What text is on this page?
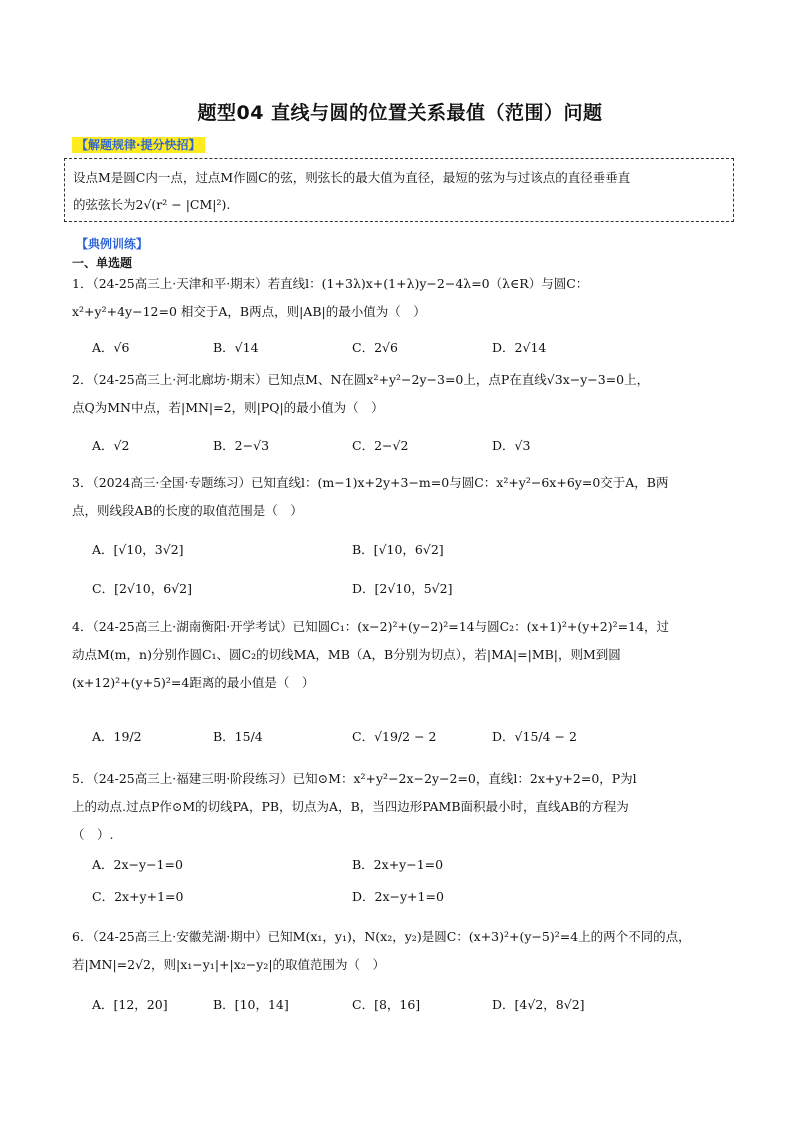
题型04 直线与圆的位置关系最值（范围）问题
【解题规律·提分快招】
设点M是圆C内一点，过点M作圆C的弦，则弦长的最大值为直径，最短的弦为与过该点的直径垂垂直
的弦弦长为2√(r² − |CM|²).
【典例训练】
一、单选题
1．（24-25高三上·天津和平·期末）若直线l：(1+3λ)x+(1+λ)y−2−4λ=0（λ∈R）与圆C：
x²+y²+4y−12=0 相交于A，B两点，则|AB|的最小值为（　）
A．√6	B．√14	C．2√6	D．2√14
2．（24-25高三上·河北廊坊·期末）已知点M、N在圆x²+y²−2y−3=0上，点P在直线√3x−y−3=0上，
点Q为MN中点，若|MN|=2，则|PQ|的最小值为（　）
A．√2	B．2−√3	C．2−√2	D．√3
3．（2024高三·全国·专题练习）已知直线l：(m−1)x+2y+3−m=0与圆C：x²+y²−6x+6y=0交于A，B两
点，则线段AB的长度的取值范围是（　）
A．[√10，3√2]	B．[√10，6√2]
C．[2√10，6√2]	D．[2√10，5√2]
4．（24-25高三上·湖南衡阳·开学考试）已知圆C₁：(x−2)²+(y−2)²=14与圆C₂：(x+1)²+(y+2)²=14，过
动点M(m，n)分别作圆C₁、圆C₂的切线MA，MB（A，B分别为切点），若|MA|=|MB|，则M到圆
(x+12)²+(y+5)²=4距离的最小值是（　）
A．19/2	B．15/4	C．√19/2 − 2	D．√15/4 − 2
5．（24-25高三上·福建三明·阶段练习）已知⊙M：x²+y²−2x−2y−2=0，直线l：2x+y+2=0，P为l
上的动点.过点P作⊙M的切线PA，PB，切点为A，B，当四边形PAMB面积最小时，直线AB的方程为
（　）.
A．2x−y−1=0	B．2x+y−1=0
C．2x+y+1=0	D．2x−y+1=0
6．（24-25高三上·安徽芜湖·期中）已知M(x₁，y₁)，N(x₂，y₂)是圆C：(x+3)²+(y−5)²=4上的两个不同的点，
若|MN|=2√2，则|x₁−y₁|+|x₂−y₂|的取值范围为（　）
A．[12，20]	B．[10，14]	C．[8，16]	D．[4√2，8√2]
